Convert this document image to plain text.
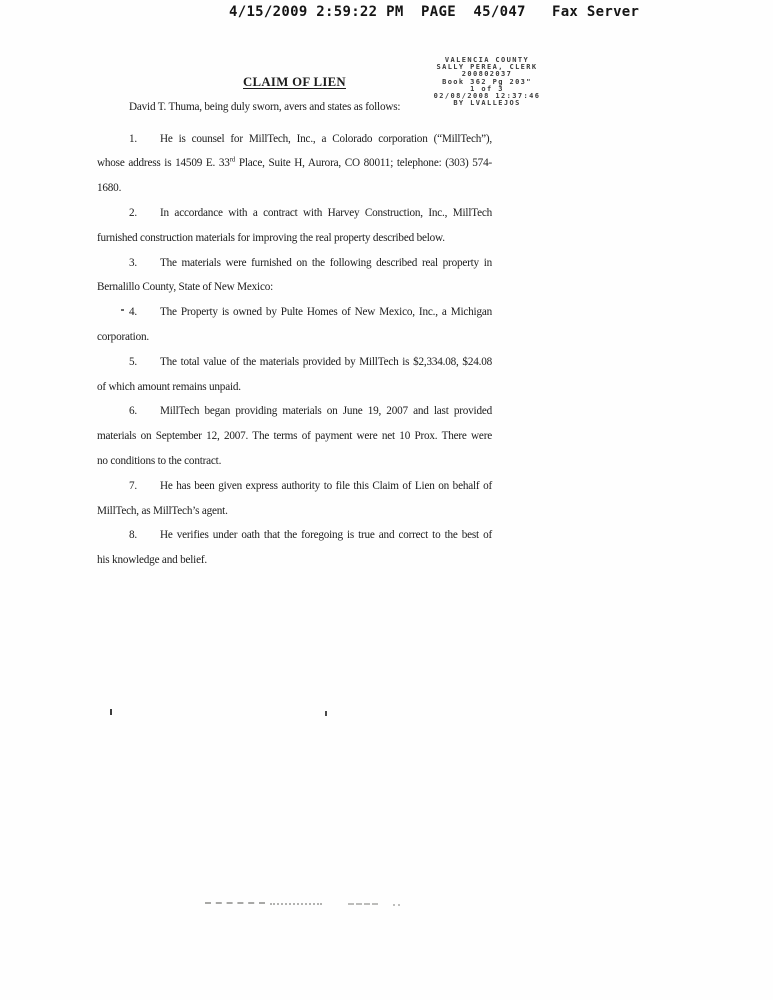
4/15/2009 2:59:22 PM  PAGE  45/047   Fax Server
VALENCIA COUNTY
SALLY PEREA, CLERK
200802037
Book 362 Pg 203"
1 of 3
02/08/2008 12:37:46
BY LVALLEJOS
CLAIM OF LIEN
David T. Thuma, being duly sworn, avers and states as follows:
1. He is counsel for MillTech, Inc., a Colorado corporation (“MillTech”),
whose address is 14509 E. 33rd Place, Suite H, Aurora, CO 80011; telephone: (303) 574-
1680.
2. In accordance with a contract with Harvey Construction, Inc., MillTech
furnished construction materials for improving the real property described below.
3. The materials were furnished on the following described real property in
Bernalillo County, State of New Mexico:
4. The Property is owned by Pulte Homes of New Mexico, Inc., a Michigan
corporation.
5. The total value of the materials provided by MillTech is $2,334.08, $24.08
of which amount remains unpaid.
6. MillTech began providing materials on June 19, 2007 and last provided
materials on September 12, 2007. The terms of payment were net 10 Prox. There were
no conditions to the contract.
7. He has been given express authority to file this Claim of Lien on behalf of
MillTech, as MillTech’s agent.
8. He verifies under oath that the foregoing is true and correct to the best of
his knowledge and belief.
